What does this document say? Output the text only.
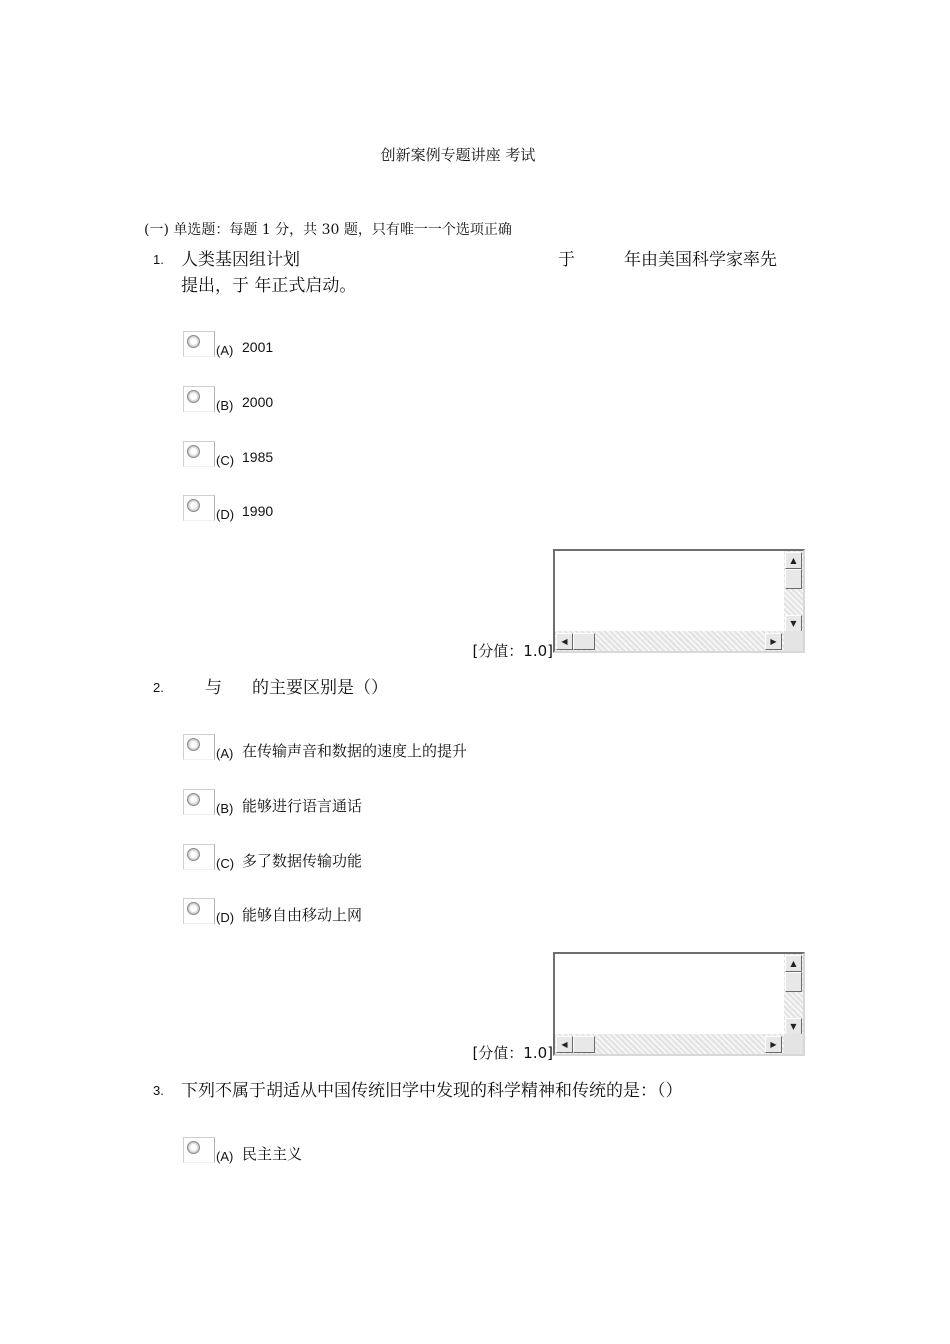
创新案例专题讲座 考试
(一) 单选题：每题 1 分，共 30 题，只有唯一一个选项正确
1. 人类基因组计划	于	年由美国科学家率先
提出，于 年正式启动。
(A) 2001
(B) 2000
(C) 1985
(D) 1990
[分值：1.0]
▲
▼
◀	▶
2. 与 的主要区别是（）
(A) 在传输声音和数据的速度上的提升
(B) 能够进行语言通话
(C) 多了数据传输功能
(D) 能够自由移动上网
[分值：1.0]
▲
▼
◀	▶
3. 下列不属于胡适从中国传统旧学中发现的科学精神和传统的是：（）
(A) 民主主义
